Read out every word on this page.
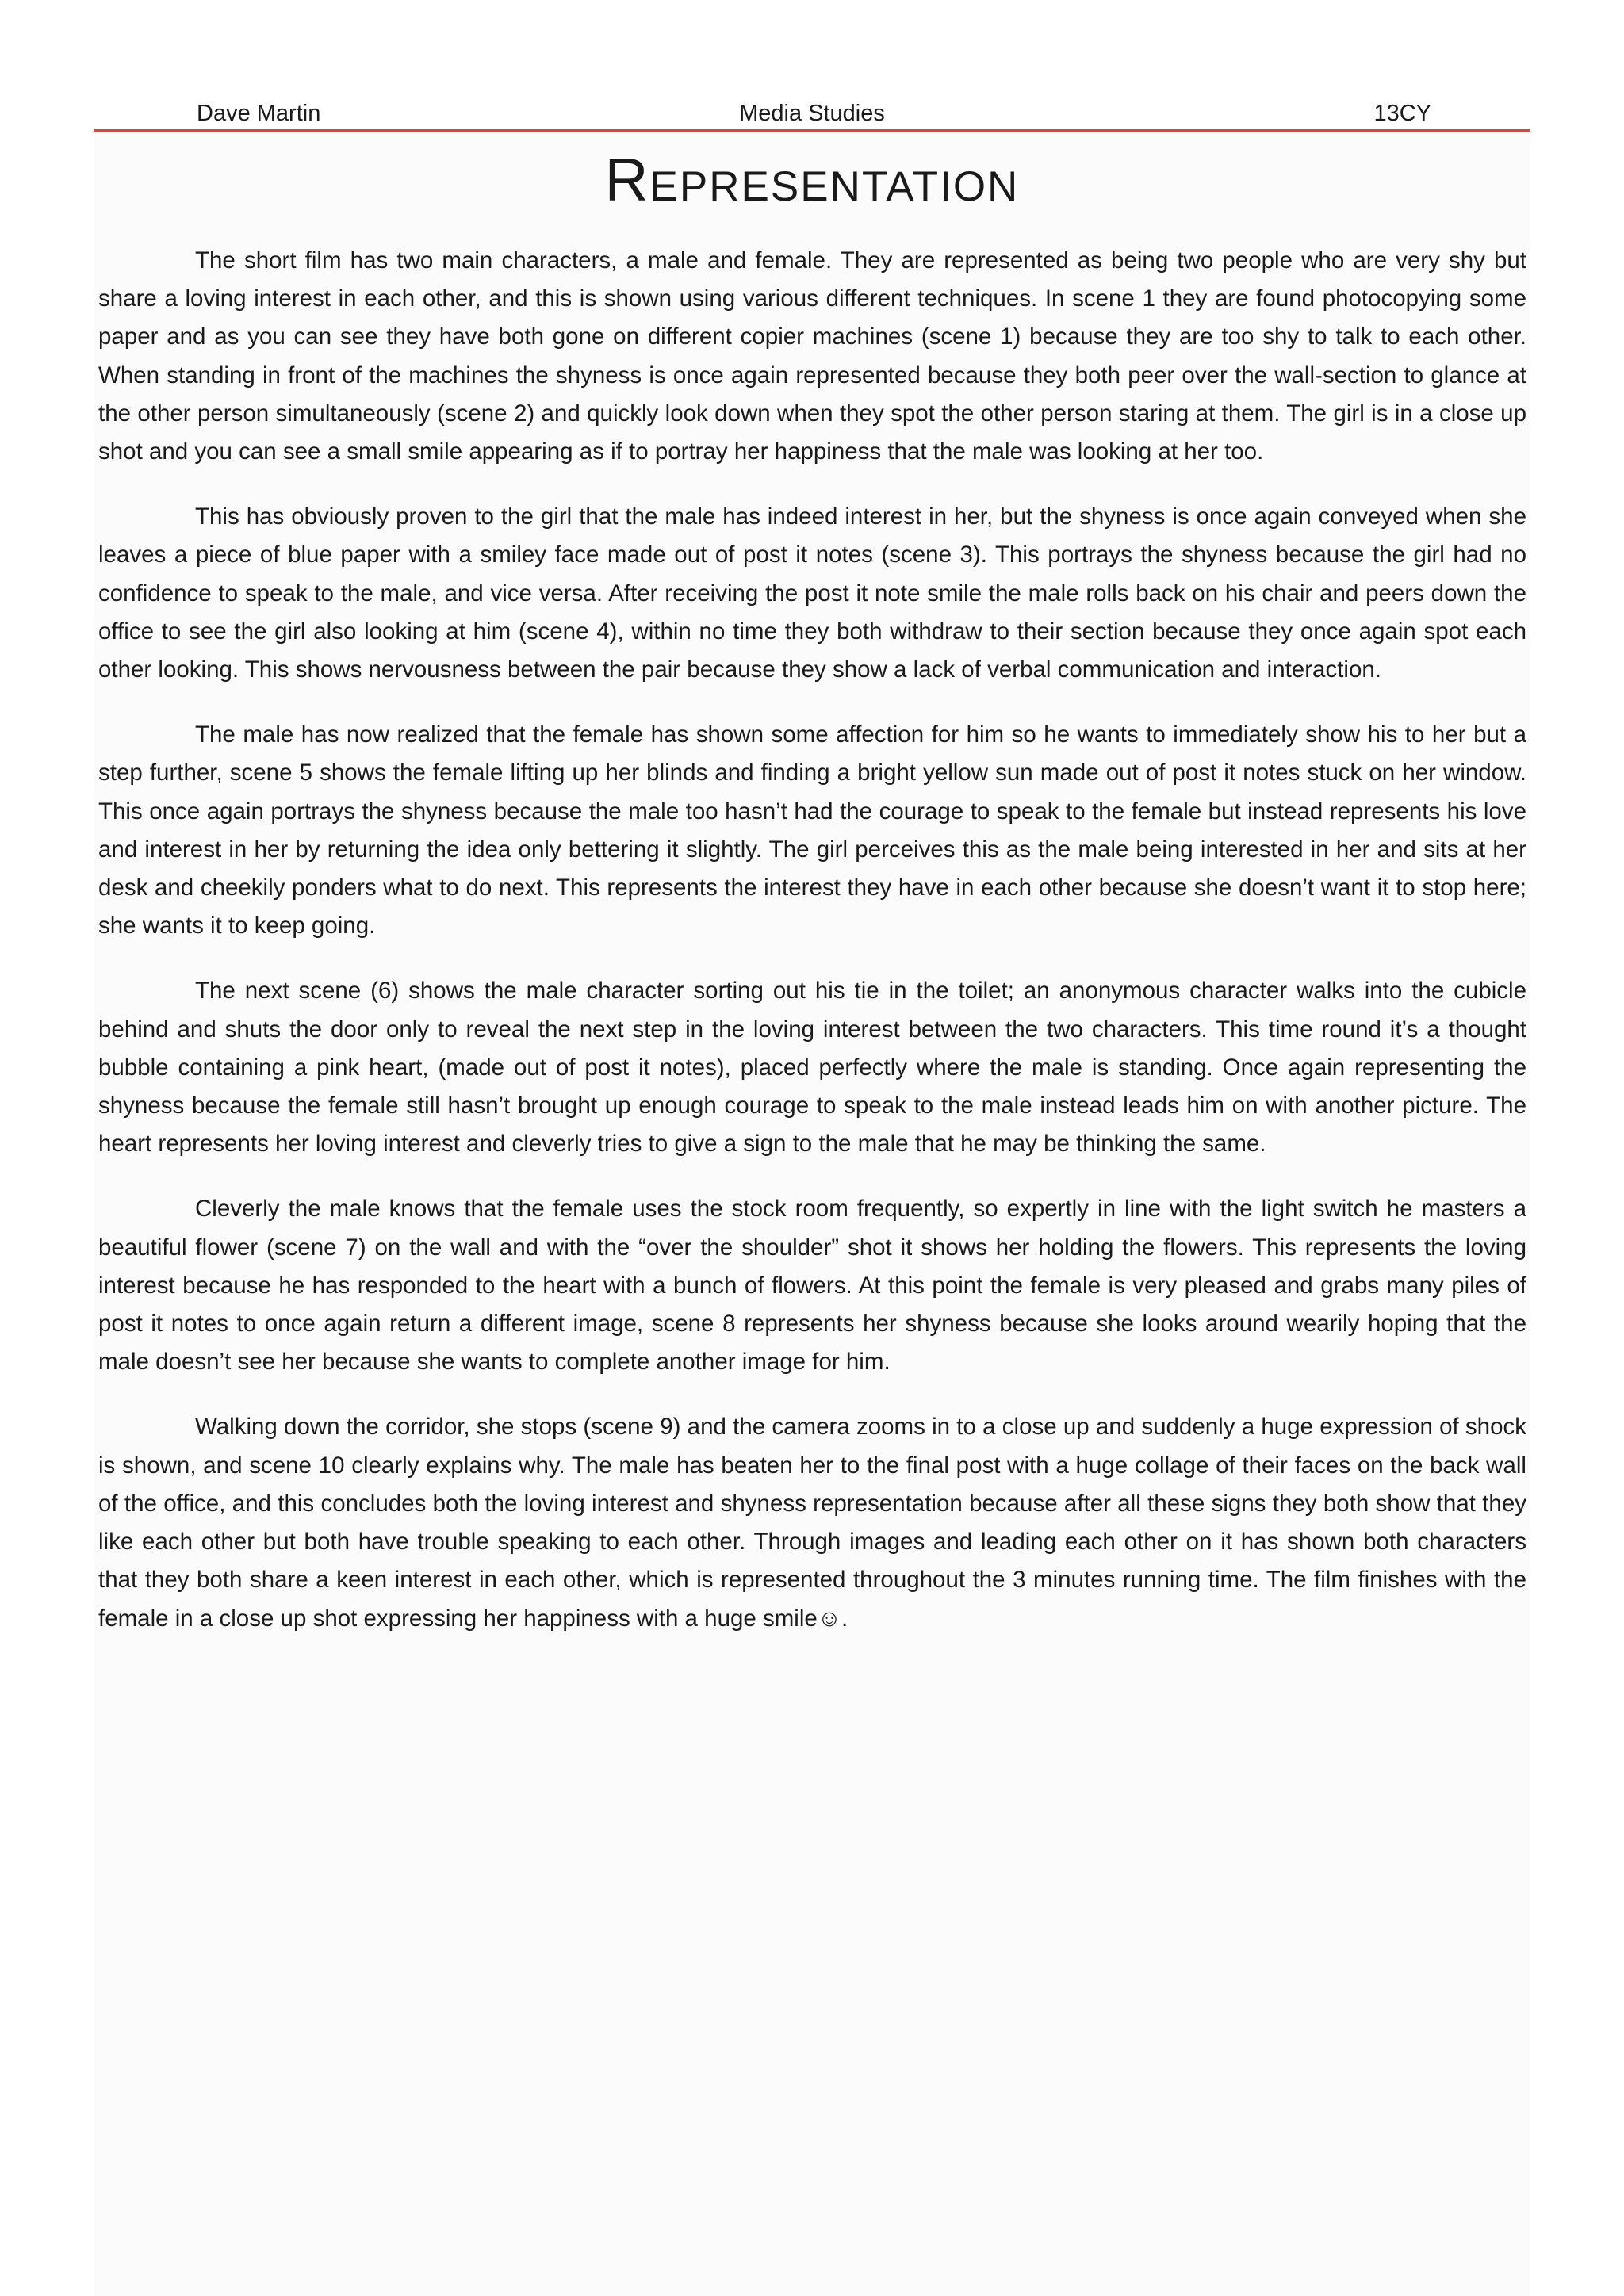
Dave Martin	Media Studies	13CY
Representation

The short film has two main characters, a male and female. They are represented as being two people who are very shy but share a loving interest in each other, and this is shown using various different techniques. In scene 1 they are found photocopying some paper and as you can see they have both gone on different copier machines (scene 1) because they are too shy to talk to each other. When standing in front of the machines the shyness is once again represented because they both peer over the wall-section to glance at the other person simultaneously (scene 2) and quickly look down when they spot the other person staring at them. The girl is in a close up shot and you can see a small smile appearing as if to portray her happiness that the male was looking at her too.

This has obviously proven to the girl that the male has indeed interest in her, but the shyness is once again conveyed when she leaves a piece of blue paper with a smiley face made out of post it notes (scene 3). This portrays the shyness because the girl had no confidence to speak to the male, and vice versa. After receiving the post it note smile the male rolls back on his chair and peers down the office to see the girl also looking at him (scene 4), within no time they both withdraw to their section because they once again spot each other looking. This shows nervousness between the pair because they show a lack of verbal communication and interaction.

The male has now realized that the female has shown some affection for him so he wants to immediately show his to her but a step further, scene 5 shows the female lifting up her blinds and finding a bright yellow sun made out of post it notes stuck on her window. This once again portrays the shyness because the male too hasn’t had the courage to speak to the female but instead represents his love and interest in her by returning the idea only bettering it slightly. The girl perceives this as the male being interested in her and sits at her desk and cheekily ponders what to do next. This represents the interest they have in each other because she doesn’t want it to stop here; she wants it to keep going.

The next scene (6) shows the male character sorting out his tie in the toilet; an anonymous character walks into the cubicle behind and shuts the door only to reveal the next step in the loving interest between the two characters. This time round it’s a thought bubble containing a pink heart, (made out of post it notes), placed perfectly where the male is standing. Once again representing the shyness because the female still hasn’t brought up enough courage to speak to the male instead leads him on with another picture. The heart represents her loving interest and cleverly tries to give a sign to the male that he may be thinking the same.

Cleverly the male knows that the female uses the stock room frequently, so expertly in line with the light switch he masters a beautiful flower (scene 7) on the wall and with the “over the shoulder” shot it shows her holding the flowers. This represents the loving interest because he has responded to the heart with a bunch of flowers. At this point the female is very pleased and grabs many piles of post it notes to once again return a different image, scene 8 represents her shyness because she looks around wearily hoping that the male doesn’t see her because she wants to complete another image for him.

Walking down the corridor, she stops (scene 9) and the camera zooms in to a close up and suddenly a huge expression of shock is shown, and scene 10 clearly explains why. The male has beaten her to the final post with a huge collage of their faces on the back wall of the office, and this concludes both the loving interest and shyness representation because after all these signs they both show that they like each other but both have trouble speaking to each other. Through images and leading each other on it has shown both characters that they both share a keen interest in each other, which is represented throughout the 3 minutes running time. The film finishes with the female in a close up shot expressing her happiness with a huge smile☺.
